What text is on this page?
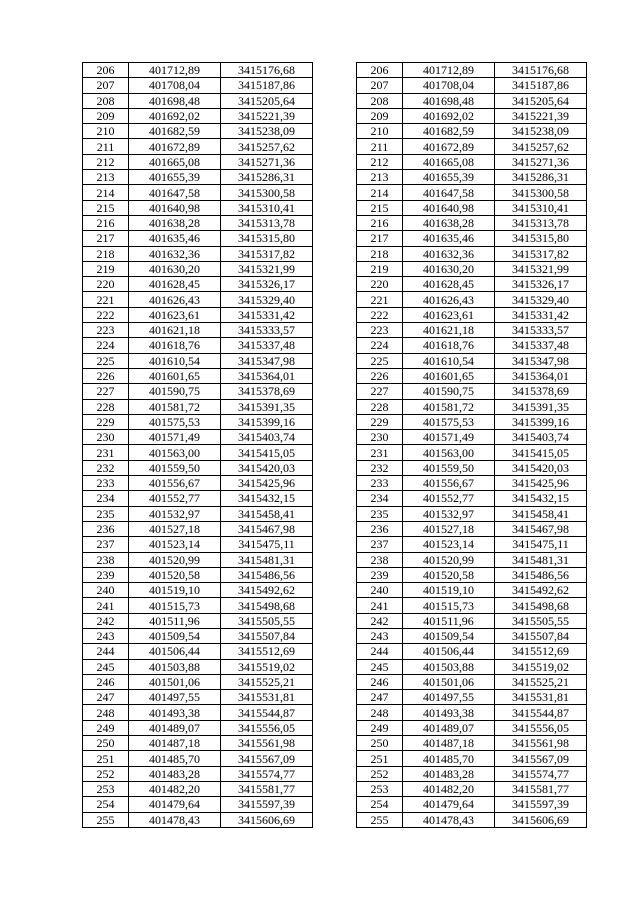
206	401712,89	3415176,68		206	401712,89	3415176,68
207	401708,04	3415187,86		207	401708,04	3415187,86
208	401698,48	3415205,64		208	401698,48	3415205,64
209	401692,02	3415221,39		209	401692,02	3415221,39
210	401682,59	3415238,09		210	401682,59	3415238,09
211	401672,89	3415257,62		211	401672,89	3415257,62
212	401665,08	3415271,36		212	401665,08	3415271,36
213	401655,39	3415286,31		213	401655,39	3415286,31
214	401647,58	3415300,58		214	401647,58	3415300,58
215	401640,98	3415310,41		215	401640,98	3415310,41
216	401638,28	3415313,78		216	401638,28	3415313,78
217	401635,46	3415315,80		217	401635,46	3415315,80
218	401632,36	3415317,82		218	401632,36	3415317,82
219	401630,20	3415321,99		219	401630,20	3415321,99
220	401628,45	3415326,17		220	401628,45	3415326,17
221	401626,43	3415329,40		221	401626,43	3415329,40
222	401623,61	3415331,42		222	401623,61	3415331,42
223	401621,18	3415333,57		223	401621,18	3415333,57
224	401618,76	3415337,48		224	401618,76	3415337,48
225	401610,54	3415347,98		225	401610,54	3415347,98
226	401601,65	3415364,01		226	401601,65	3415364,01
227	401590,75	3415378,69		227	401590,75	3415378,69
228	401581,72	3415391,35		228	401581,72	3415391,35
229	401575,53	3415399,16		229	401575,53	3415399,16
230	401571,49	3415403,74		230	401571,49	3415403,74
231	401563,00	3415415,05		231	401563,00	3415415,05
232	401559,50	3415420,03		232	401559,50	3415420,03
233	401556,67	3415425,96		233	401556,67	3415425,96
234	401552,77	3415432,15		234	401552,77	3415432,15
235	401532,97	3415458,41		235	401532,97	3415458,41
236	401527,18	3415467,98		236	401527,18	3415467,98
237	401523,14	3415475,11		237	401523,14	3415475,11
238	401520,99	3415481,31		238	401520,99	3415481,31
239	401520,58	3415486,56		239	401520,58	3415486,56
240	401519,10	3415492,62		240	401519,10	3415492,62
241	401515,73	3415498,68		241	401515,73	3415498,68
242	401511,96	3415505,55		242	401511,96	3415505,55
243	401509,54	3415507,84		243	401509,54	3415507,84
244	401506,44	3415512,69		244	401506,44	3415512,69
245	401503,88	3415519,02		245	401503,88	3415519,02
246	401501,06	3415525,21		246	401501,06	3415525,21
247	401497,55	3415531,81		247	401497,55	3415531,81
248	401493,38	3415544,87		248	401493,38	3415544,87
249	401489,07	3415556,05		249	401489,07	3415556,05
250	401487,18	3415561,98		250	401487,18	3415561,98
251	401485,70	3415567,09		251	401485,70	3415567,09
252	401483,28	3415574,77		252	401483,28	3415574,77
253	401482,20	3415581,77		253	401482,20	3415581,77
254	401479,64	3415597,39		254	401479,64	3415597,39
255	401478,43	3415606,69		255	401478,43	3415606,69
